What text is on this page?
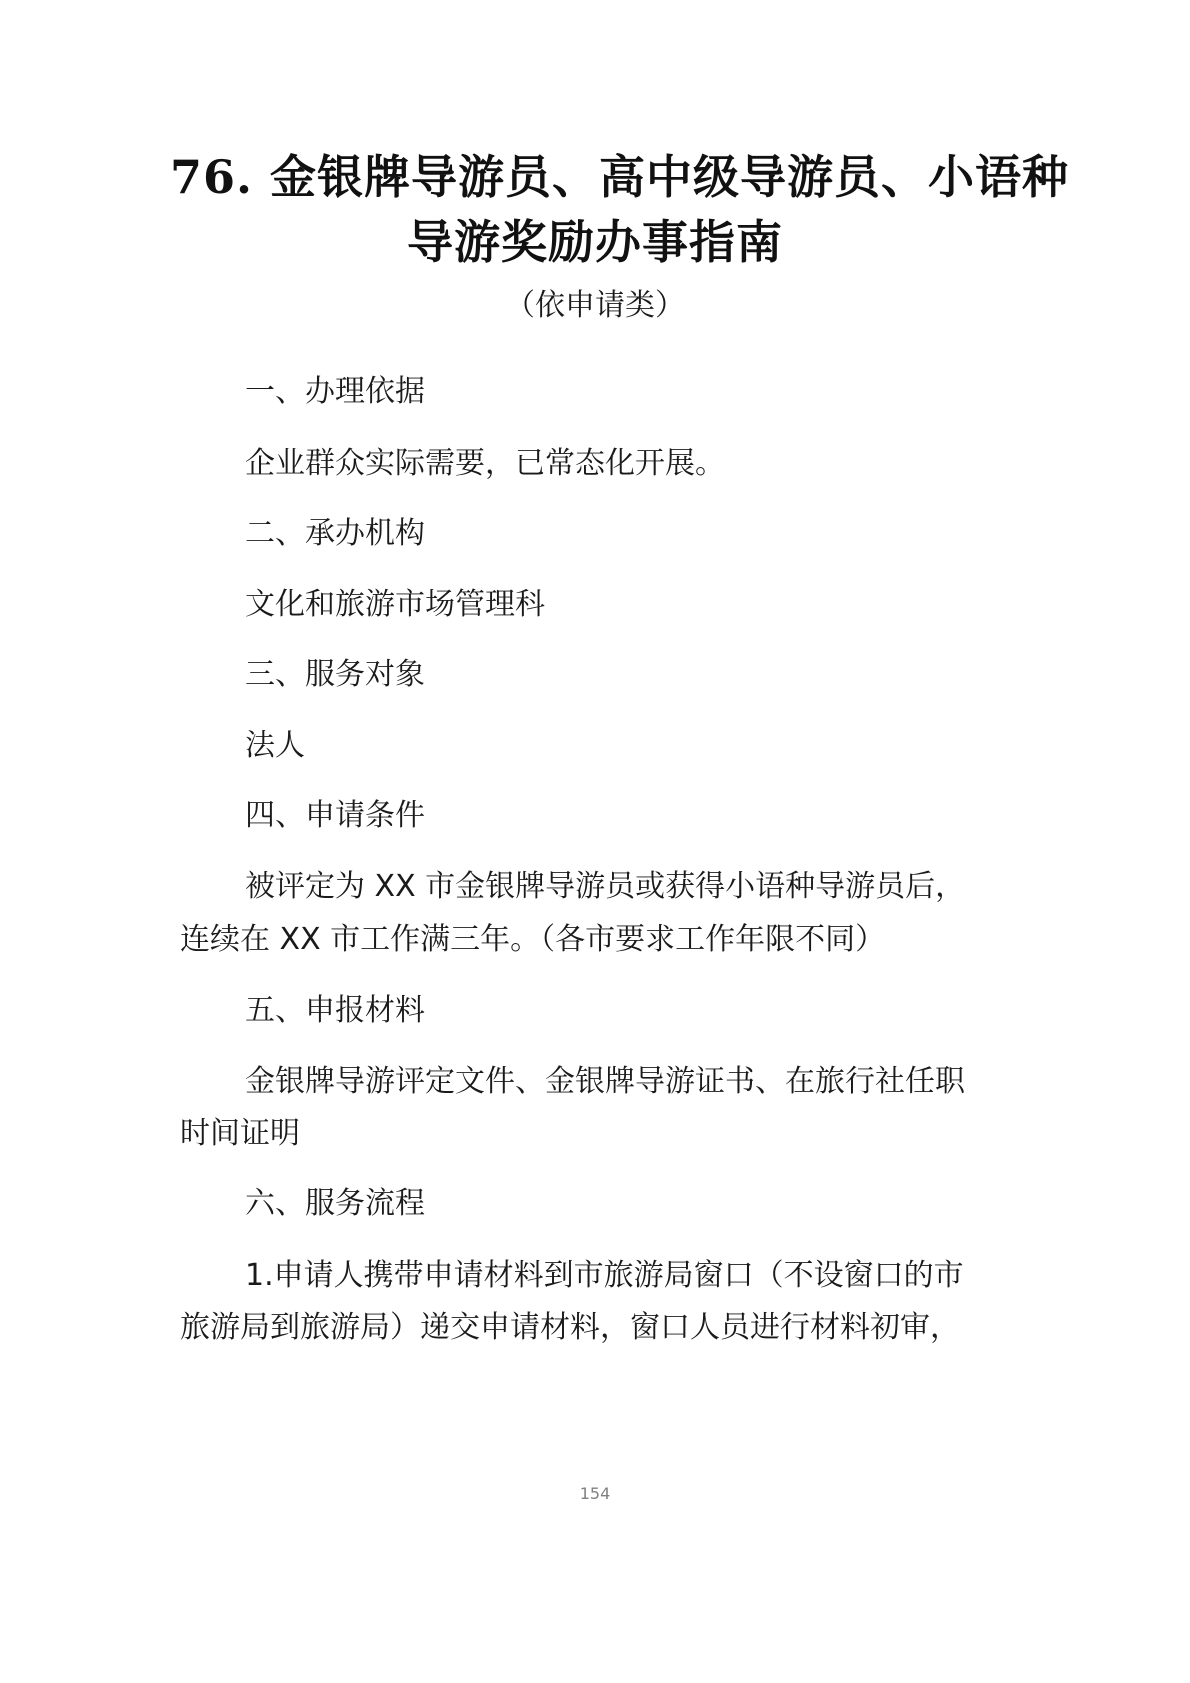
76. 金银牌导游员、高中级导游员、小语种
导游奖励办事指南
（依申请类）
一、办理依据
企业群众实际需要，已常态化开展。
二、承办机构
文化和旅游市场管理科
三、服务对象
法人
四、申请条件
被评定为 XX 市金银牌导游员或获得小语种导游员后，
连续在 XX 市工作满三年。（各市要求工作年限不同）
五、申报材料
金银牌导游评定文件、金银牌导游证书、在旅行社任职
时间证明
六、服务流程
1.申请人携带申请材料到市旅游局窗口（不设窗口的市
旅游局到旅游局）递交申请材料，窗口人员进行材料初审，
154
